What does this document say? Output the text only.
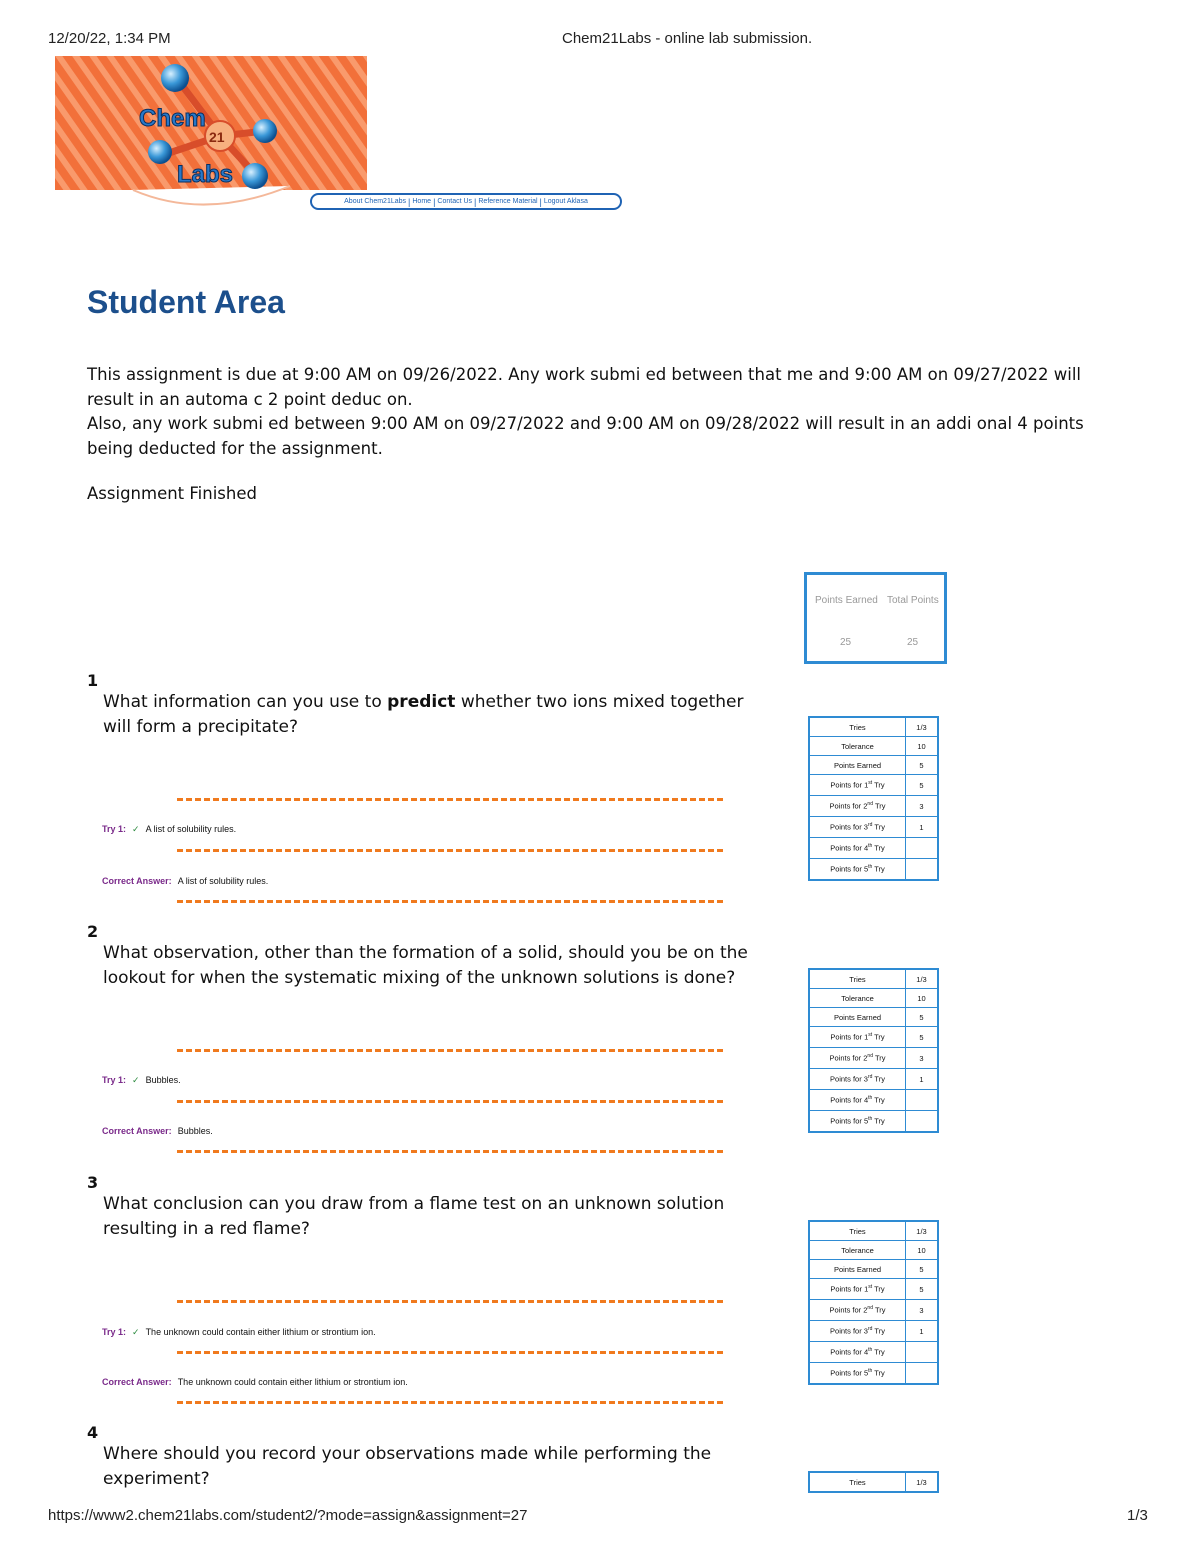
12/20/22, 1:34 PM	Chem21Labs - online lab submission.
Chem
21
Labs
About Chem21Labs | Home | Contact Us | Reference Material | Logout Aklasa
Student Area
This assignment is due at 9:00 AM on 09/26/2022. Any work submi ed between that me and 9:00 AM on 09/27/2022 will result in an automa c 2 point deduc on.
Also, any work submi ed between 9:00 AM on 09/27/2022 and 9:00 AM on 09/28/2022 will result in an addi onal 4 points being deducted for the assignment.
Assignment Finished
Points Earned Total Points
25	25
1
What information can you use to predict whether two ions mixed together will form a precipitate?
Try 1: ✓ A list of solubility rules.
Correct Answer: A list of solubility rules.
Tries	1/3
Tolerance	10
Points Earned	5
Points for 1st Try	5
Points for 2nd Try	3
Points for 3rd Try	1
Points for 4th Try	
Points for 5th Try	
2
What observation, other than the formation of a solid, should you be on the lookout for when the systematic mixing of the unknown solutions is done?
Try 1: ✓ Bubbles.
Correct Answer: Bubbles.
Tries	1/3
Tolerance	10
Points Earned	5
Points for 1st Try	5
Points for 2nd Try	3
Points for 3rd Try	1
Points for 4th Try	
Points for 5th Try	
3
What conclusion can you draw from a flame test on an unknown solution resulting in a red flame?
Try 1: ✓ The unknown could contain either lithium or strontium ion.
Correct Answer: The unknown could contain either lithium or strontium ion.
Tries	1/3
Tolerance	10
Points Earned	5
Points for 1st Try	5
Points for 2nd Try	3
Points for 3rd Try	1
Points for 4th Try	
Points for 5th Try	
4
Where should you record your observations made while performing the experiment?	Tries	1/3
https://www2.chem21labs.com/student2/?mode=assign&assignment=27	1/3
